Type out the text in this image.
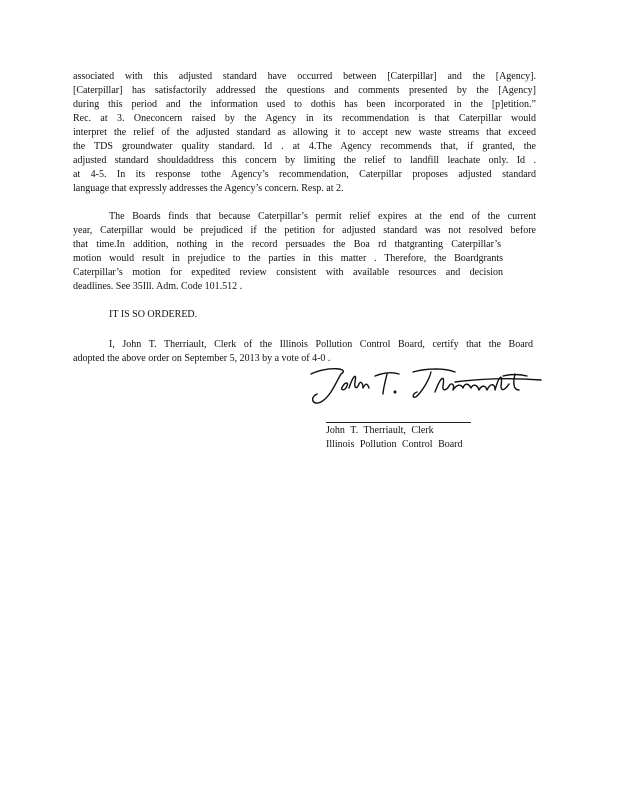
associated with this adjusted standard have occurred between [Caterpillar] and the [Agency].
[Caterpillar] has satisfactorily addressed the questions and comments presented by the [Agency]
during this period and the information used to dothis has been incorporated in the [p]etition.”
Rec. at 3. Oneconcern raised by the Agency in its recommendation is that Caterpillar would
interpret the relief of the adjusted standard as allowing it to accept new waste streams that exceed
the TDS groundwater quality standard. Id . at 4.The Agency recommends that, if granted, the
adjusted standard shouldaddress this concern by limiting the relief to landfill leachate only. Id .
at 4-5. In its response tothe Agency’s recommendation, Caterpillar proposes adjusted standard
language that expressly addresses the Agency’s concern. Resp. at 2.
The Boards finds that because Caterpillar’s permit relief expires at the end of the current
year, Caterpillar would be prejudiced if the petition for adjusted standard was not resolved before
that time.In addition, nothing in the record persuades the Boa rd thatgranting Caterpillar’s
motion would result in prejudice to the parties in this matter . Therefore, the Boardgrants
Caterpillar’s motion for expedited review consistent with available resources and decision
deadlines. See 35Ill. Adm. Code 101.512 .
IT IS SO ORDERED.
I, John T. Therriault, Clerk of the Illinois Pollution Control Board, certify that the Board
adopted the above order on September 5, 2013 by a vote of 4-0 .
John T. Therriault, Clerk
Illinois Pollution Control Board
